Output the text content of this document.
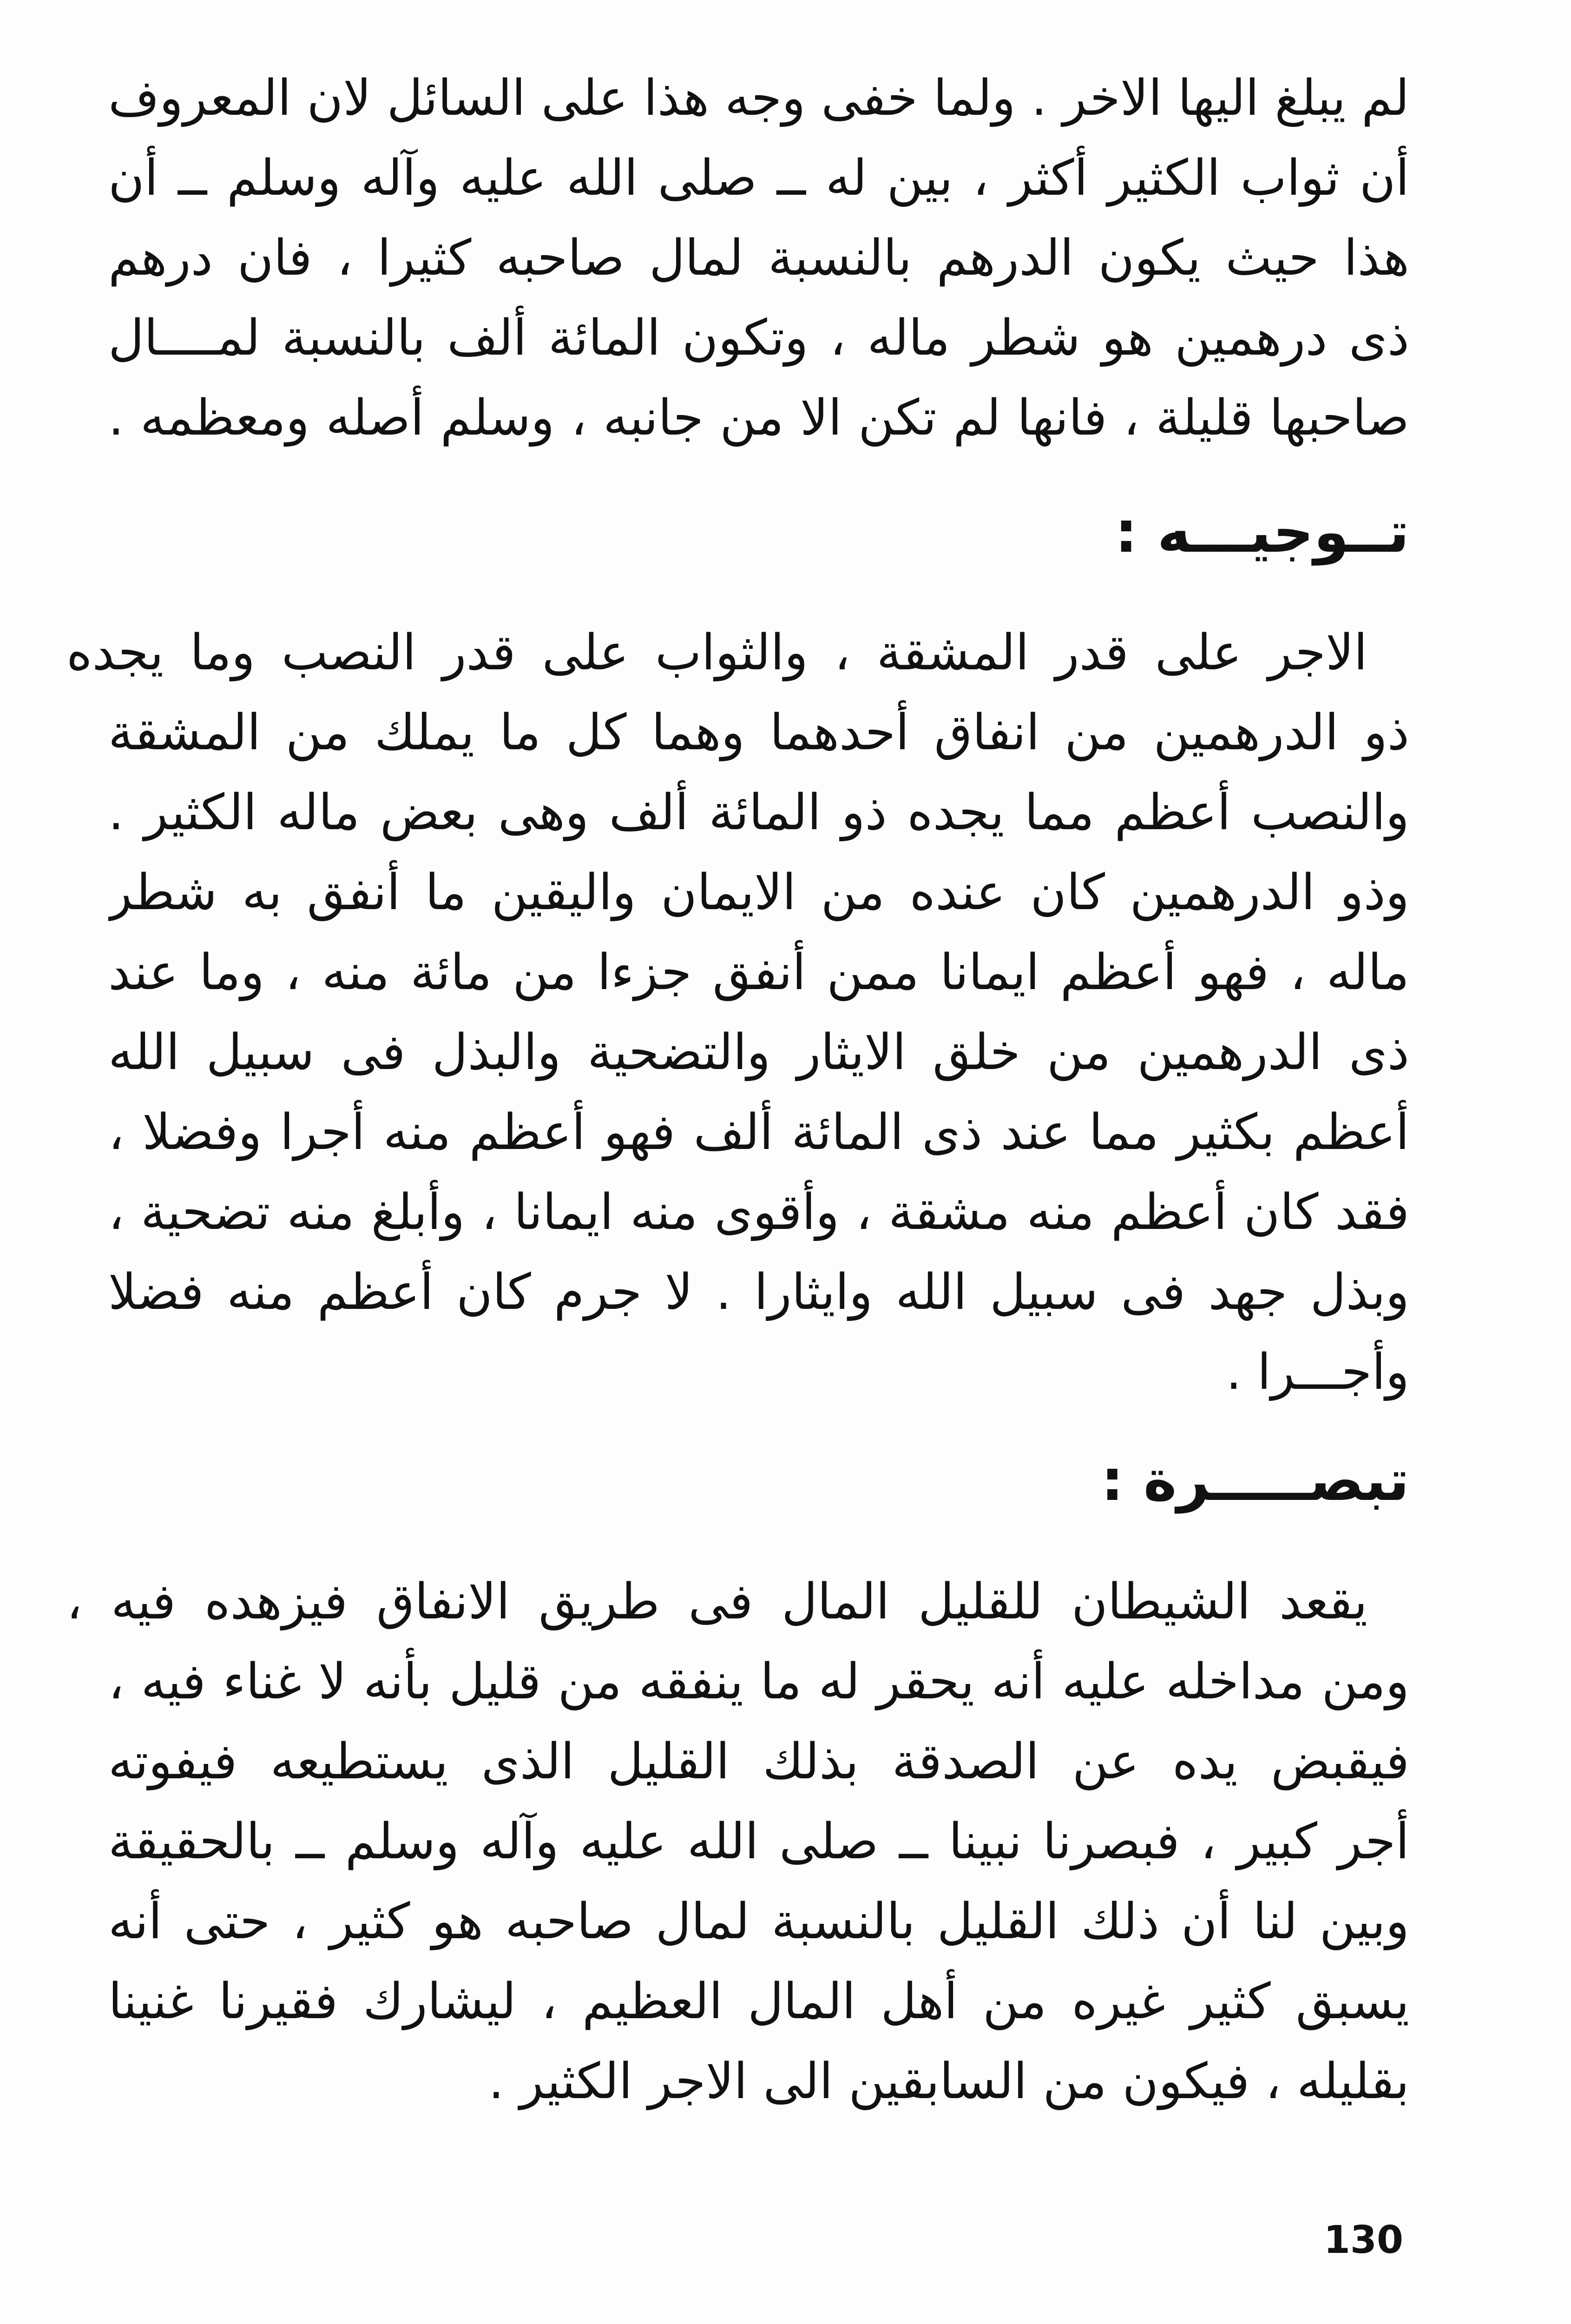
لم يبلغ اليها الاخر . ولما خفى وجه هذا على السائل لان المعروف
أن ثواب الكثير أكثر ، بين له ــ صلى الله عليه وآله وسلم ــ أن
هذا حيث يكون الدرهم بالنسبة لمال صاحبه كثيرا ، فان درهم
ذى درهمين هو شطر ماله ، وتكون المائة ألف بالنسبة لمــــال
صاحبها قليلة ، فانها لم تكن الا من جانبه ، وسلم أصله ومعظمه .
تــوجيـــه :
الاجر على قدر المشقة ، والثواب على قدر النصب وما يجده
ذو الدرهمين من انفاق أحدهما وهما كل ما يملك من المشقة
والنصب أعظم مما يجده ذو المائة ألف وهى بعض ماله الكثير .
وذو الدرهمين كان عنده من الايمان واليقين ما أنفق به شطر
ماله ، فهو أعظم ايمانا ممن أنفق جزءا من مائة منه ، وما عند
ذى الدرهمين من خلق الايثار والتضحية والبذل فى سبيل الله
أعظم بكثير مما عند ذى المائة ألف فهو أعظم منه أجرا وفضلا ،
فقد كان أعظم منه مشقة ، وأقوى منه ايمانا ، وأبلغ منه تضحية ،
وبذل جهد فى سبيل الله وايثارا . لا جرم كان أعظم منه فضلا
وأجـــرا .
تبصـــــرة :
يقعد الشيطان للقليل المال فى طريق الانفاق فيزهده فيه ،
ومن مداخله عليه أنه يحقر له ما ينفقه من قليل بأنه لا غناء فيه ،
فيقبض يده عن الصدقة بذلك القليل الذى يستطيعه فيفوته
أجر كبير ، فبصرنا نبينا ــ صلى الله عليه وآله وسلم ــ بالحقيقة
وبين لنا أن ذلك القليل بالنسبة لمال صاحبه هو كثير ، حتى أنه
يسبق كثير غيره من أهل المال العظيم ، ليشارك فقيرنا غنينا
بقليله ، فيكون من السابقين الى الاجر الكثير .
130
